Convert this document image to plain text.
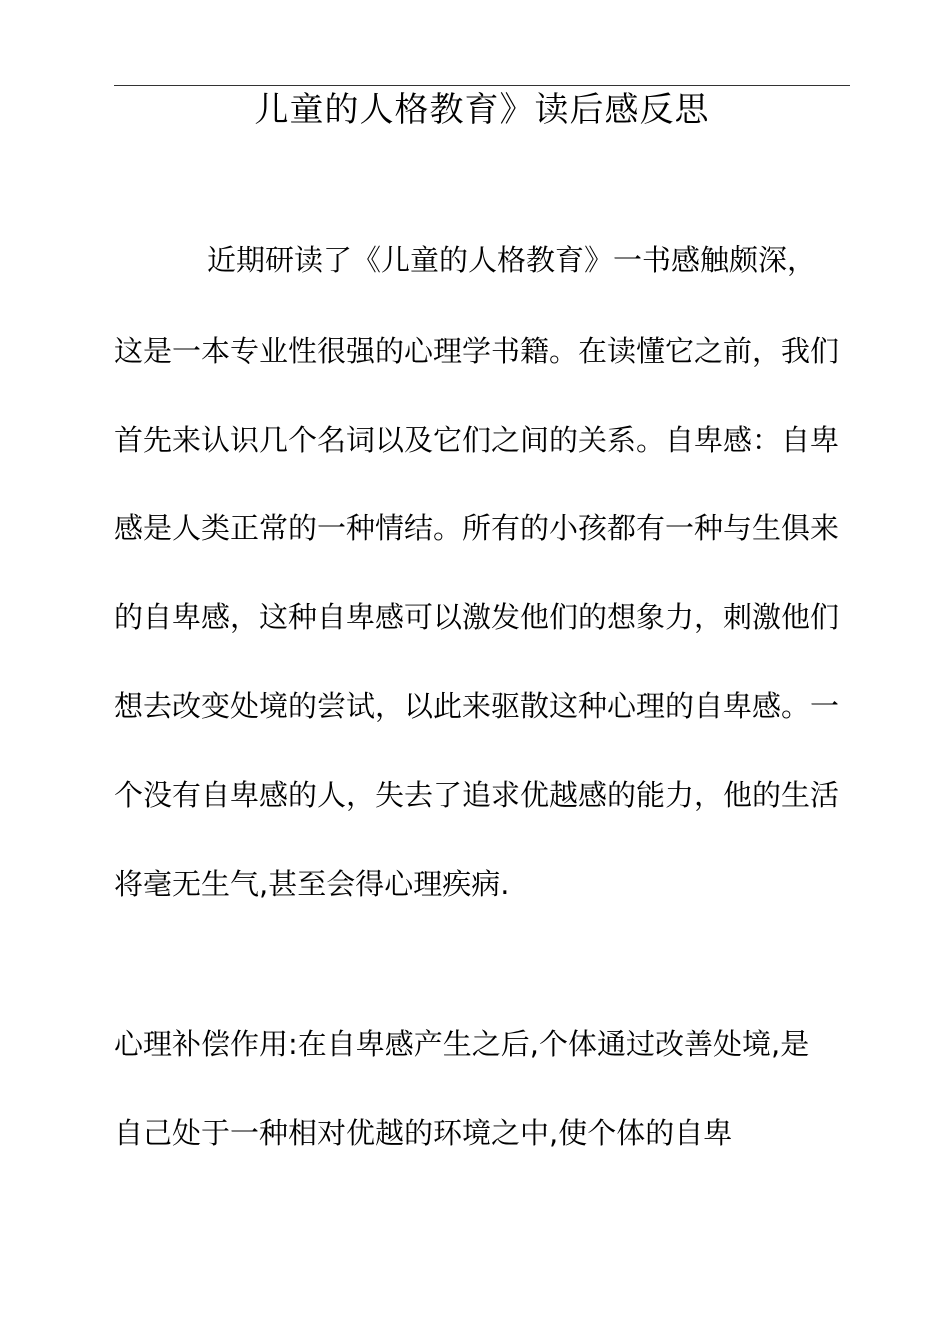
儿童的人格教育》读后感反思

近期研读了《儿童的人格教育》一书感触颇深，

这是一本专业性很强的心理学书籍。在读懂它之前，我们

首先来认识几个名词以及它们之间的关系。自卑感：自卑

感是人类正常的一种情结。所有的小孩都有一种与生俱来

的自卑感，这种自卑感可以激发他们的想象力，刺激他们

想去改变处境的尝试，以此来驱散这种心理的自卑感。一

个没有自卑感的人，失去了追求优越感的能力，他的生活

将毫无生气,甚至会得心理疾病.

心理补偿作用:在自卑感产生之后,个体通过改善处境,是

自己处于一种相对优越的环境之中,使个体的自卑
